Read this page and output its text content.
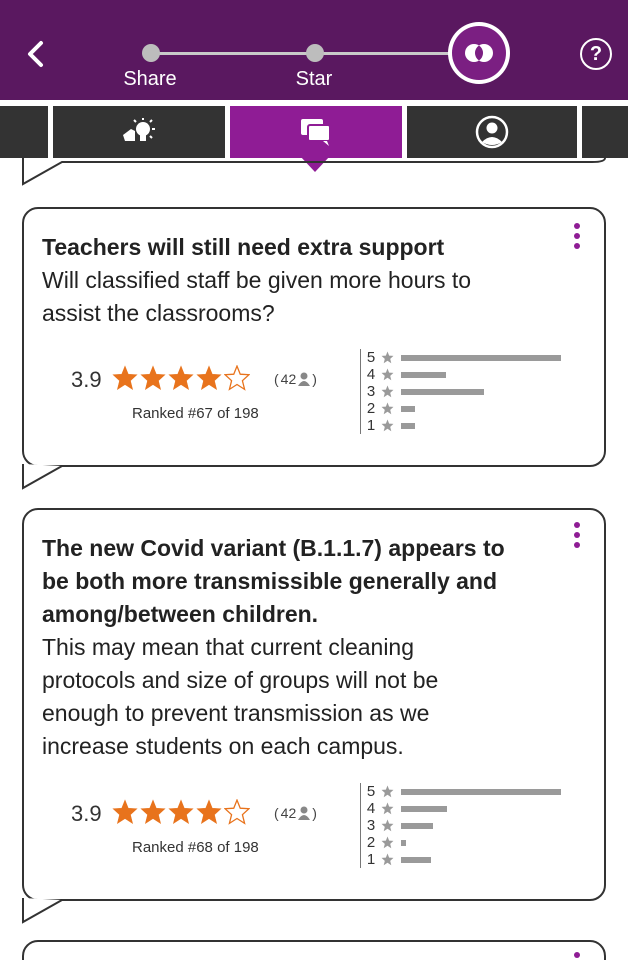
Share	Star
?
Teachers will still need extra support
Will classified staff be given more hours to
assist the classrooms?
3.9	( 42 )
Ranked #67 of 198
5
4
3
2
1
The new Covid variant (B.1.1.7) appears to
be both more transmissible generally and
among/between children.
This may mean that current cleaning
protocols and size of groups will not be
enough to prevent transmission as we
increase students on each campus.
3.9	( 42 )
Ranked #68 of 198
5
4
3
2
1
